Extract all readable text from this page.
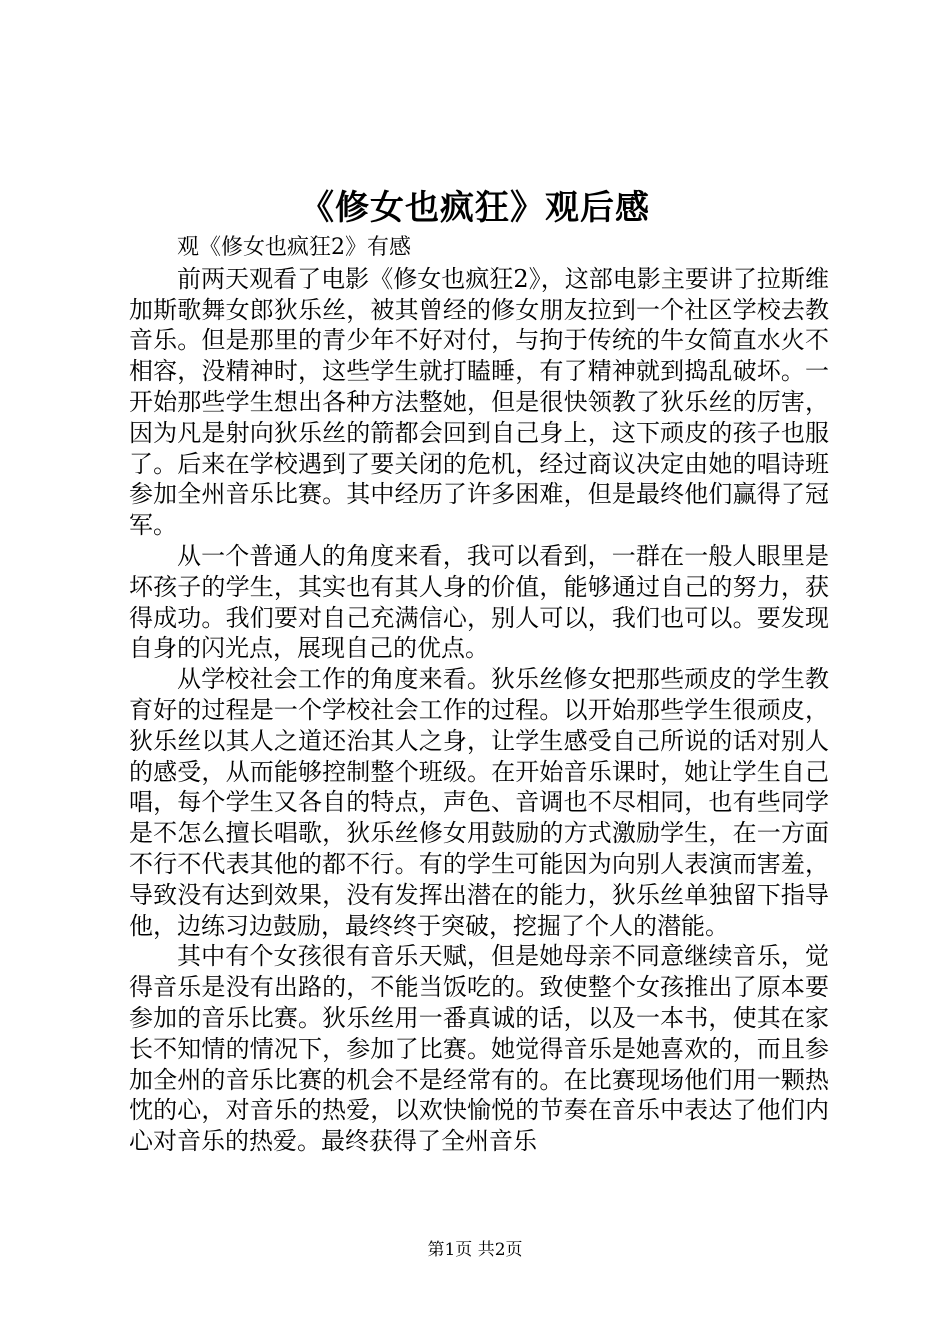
《修女也疯狂》观后感

观《修女也疯狂2》有感

前两天观看了电影《修女也疯狂2》，这部电影主要讲了拉斯维加斯歌舞女郎狄乐丝，被其曾经的修女朋友拉到一个社区学校去教音乐。但是那里的青少年不好对付，与拘于传统的牛女简直水火不相容，没精神时，这些学生就打瞌睡，有了精神就到捣乱破坏。一开始那些学生想出各种方法整她，但是很快领教了狄乐丝的厉害，因为凡是射向狄乐丝的箭都会回到自己身上，这下顽皮的孩子也服了。后来在学校遇到了要关闭的危机，经过商议决定由她的唱诗班参加全州音乐比赛。其中经历了许多困难，但是最终他们赢得了冠军。

从一个普通人的角度来看，我可以看到，一群在一般人眼里是坏孩子的学生，其实也有其人身的价值，能够通过自己的努力，获得成功。我们要对自己充满信心，别人可以，我们也可以。要发现自身的闪光点，展现自己的优点。

从学校社会工作的角度来看。狄乐丝修女把那些顽皮的学生教育好的过程是一个学校社会工作的过程。以开始那些学生很顽皮，狄乐丝以其人之道还治其人之身，让学生感受自己所说的话对别人的感受，从而能够控制整个班级。在开始音乐课时，她让学生自己唱，每个学生又各自的特点，声色、音调也不尽相同，也有些同学是不怎么擅长唱歌，狄乐丝修女用鼓励的方式激励学生，在一方面不行不代表其他的都不行。有的学生可能因为向别人表演而害羞，导致没有达到效果，没有发挥出潜在的能力，狄乐丝单独留下指导他，边练习边鼓励，最终终于突破，挖掘了个人的潜能。

其中有个女孩很有音乐天赋，但是她母亲不同意继续音乐，觉得音乐是没有出路的，不能当饭吃的。致使整个女孩推出了原本要参加的音乐比赛。狄乐丝用一番真诚的话，以及一本书，使其在家长不知情的情况下，参加了比赛。她觉得音乐是她喜欢的，而且参加全州的音乐比赛的机会不是经常有的。在比赛现场他们用一颗热忱的心，对音乐的热爱，以欢快愉悦的节奏在音乐中表达了他们内心对音乐的热爱。最终获得了全州音乐

第1页 共2页
